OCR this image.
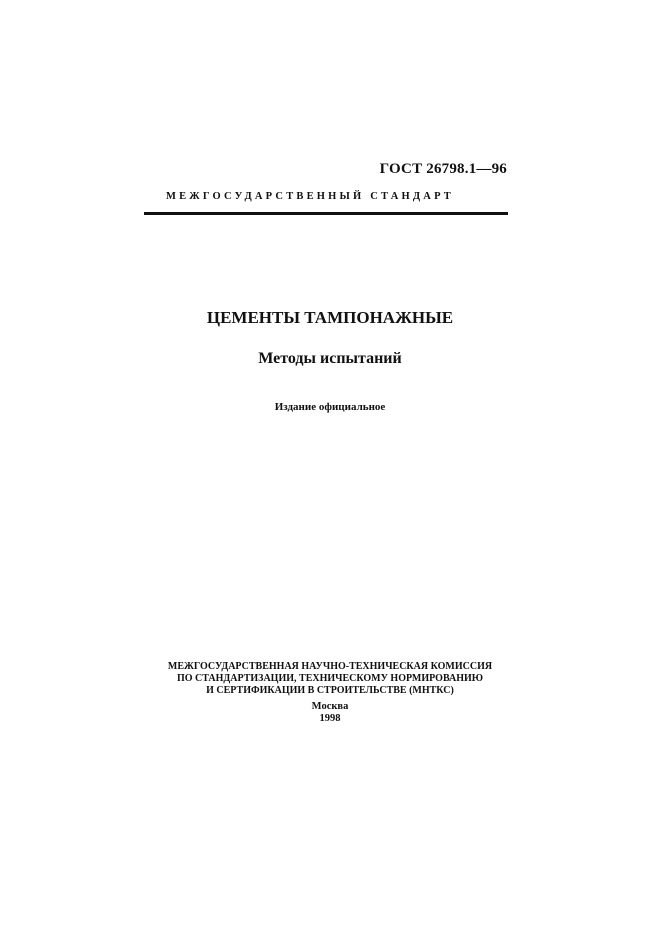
ГОСТ 26798.1—96
МЕЖГОСУДАРСТВЕННЫЙ СТАНДАРТ
ЦЕМЕНТЫ ТАМПОНАЖНЫЕ
Методы испытаний
Издание официальное
МЕЖГОСУДАРСТВЕННАЯ НАУЧНО-ТЕХНИЧЕСКАЯ КОМИССИЯ
ПО СТАНДАРТИЗАЦИИ, ТЕХНИЧЕСКОМУ НОРМИРОВАНИЮ
И СЕРТИФИКАЦИИ В СТРОИТЕЛЬСТВЕ (МНТКС)
Москва
1998
